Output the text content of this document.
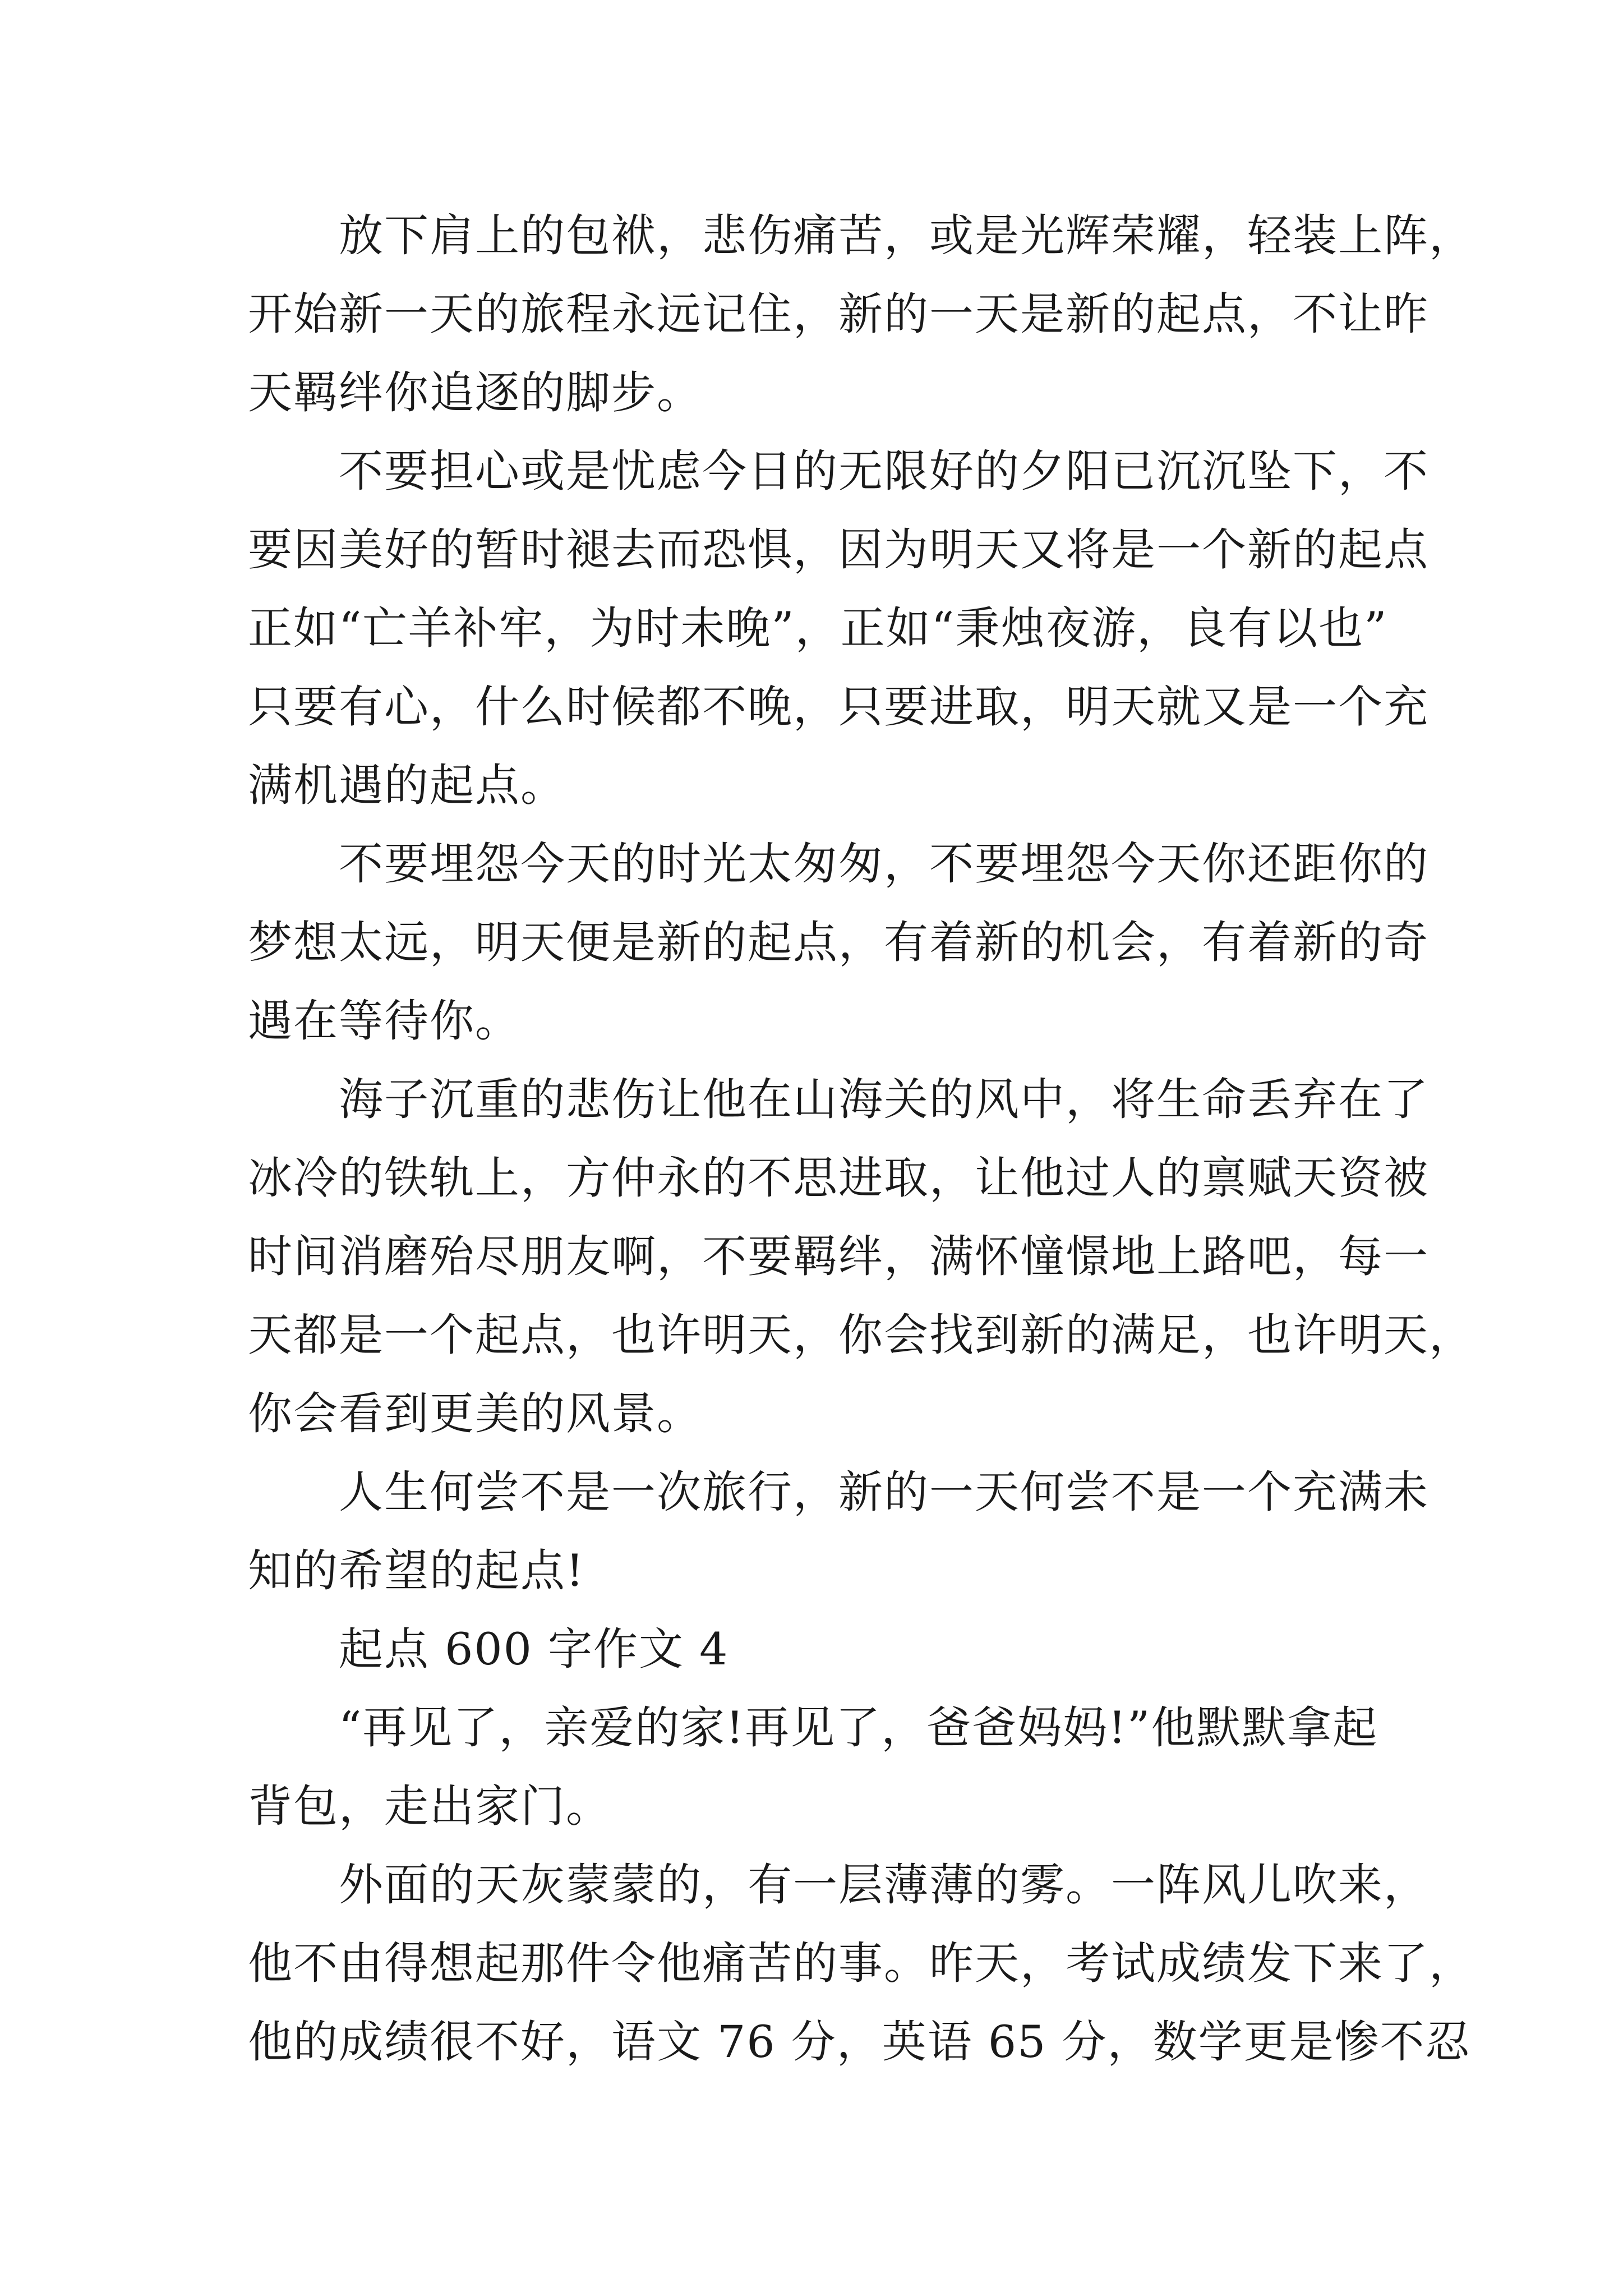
放下肩上的包袱，悲伤痛苦，或是光辉荣耀，轻装上阵，
开始新一天的旅程永远记住，新的一天是新的起点，不让昨
天羁绊你追逐的脚步。
不要担心或是忧虑今日的无限好的夕阳已沉沉坠下，不
要因美好的暂时褪去而恐惧，因为明天又将是一个新的起点
正如“亡羊补牢，为时未晚”，正如“秉烛夜游，良有以也”
只要有心，什么时候都不晚，只要进取，明天就又是一个充
满机遇的起点。
不要埋怨今天的时光太匆匆，不要埋怨今天你还距你的
梦想太远，明天便是新的起点，有着新的机会，有着新的奇
遇在等待你。
海子沉重的悲伤让他在山海关的风中，将生命丢弃在了
冰冷的铁轨上，方仲永的不思进取，让他过人的禀赋天资被
时间消磨殆尽朋友啊，不要羁绊，满怀憧憬地上路吧，每一
天都是一个起点，也许明天，你会找到新的满足，也许明天，
你会看到更美的风景。
人生何尝不是一次旅行，新的一天何尝不是一个充满未
知的希望的起点!
起点 600 字作文 4
“再见了，亲爱的家!再见了，爸爸妈妈!”他默默拿起
背包，走出家门。
外面的天灰蒙蒙的，有一层薄薄的雾。一阵风儿吹来，
他不由得想起那件令他痛苦的事。昨天，考试成绩发下来了，
他的成绩很不好，语文 76 分，英语 65 分，数学更是惨不忍
